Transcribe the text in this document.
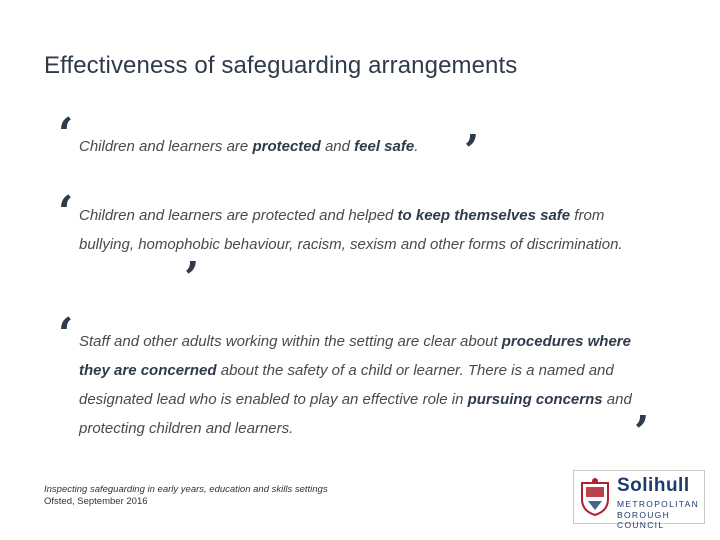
Effectiveness of safeguarding arrangements
‘ Children and learners are protected and feel safe.	’
‘ Children and learners are protected and helped to keep themselves safe from bullying, homophobic behaviour, racism, sexism and other forms of discrimination.
’
‘ Staff and other adults working within the setting are clear about procedures where they are concerned about the safety of a child or learner. There is a named and designated lead who is enabled to play an effective role in pursuing concerns and protecting children and learners.	’
Inspecting safeguarding in early years, education and skills settings
Ofsted, September 2016
Solihull
METROPOLITAN
BOROUGH COUNCIL
